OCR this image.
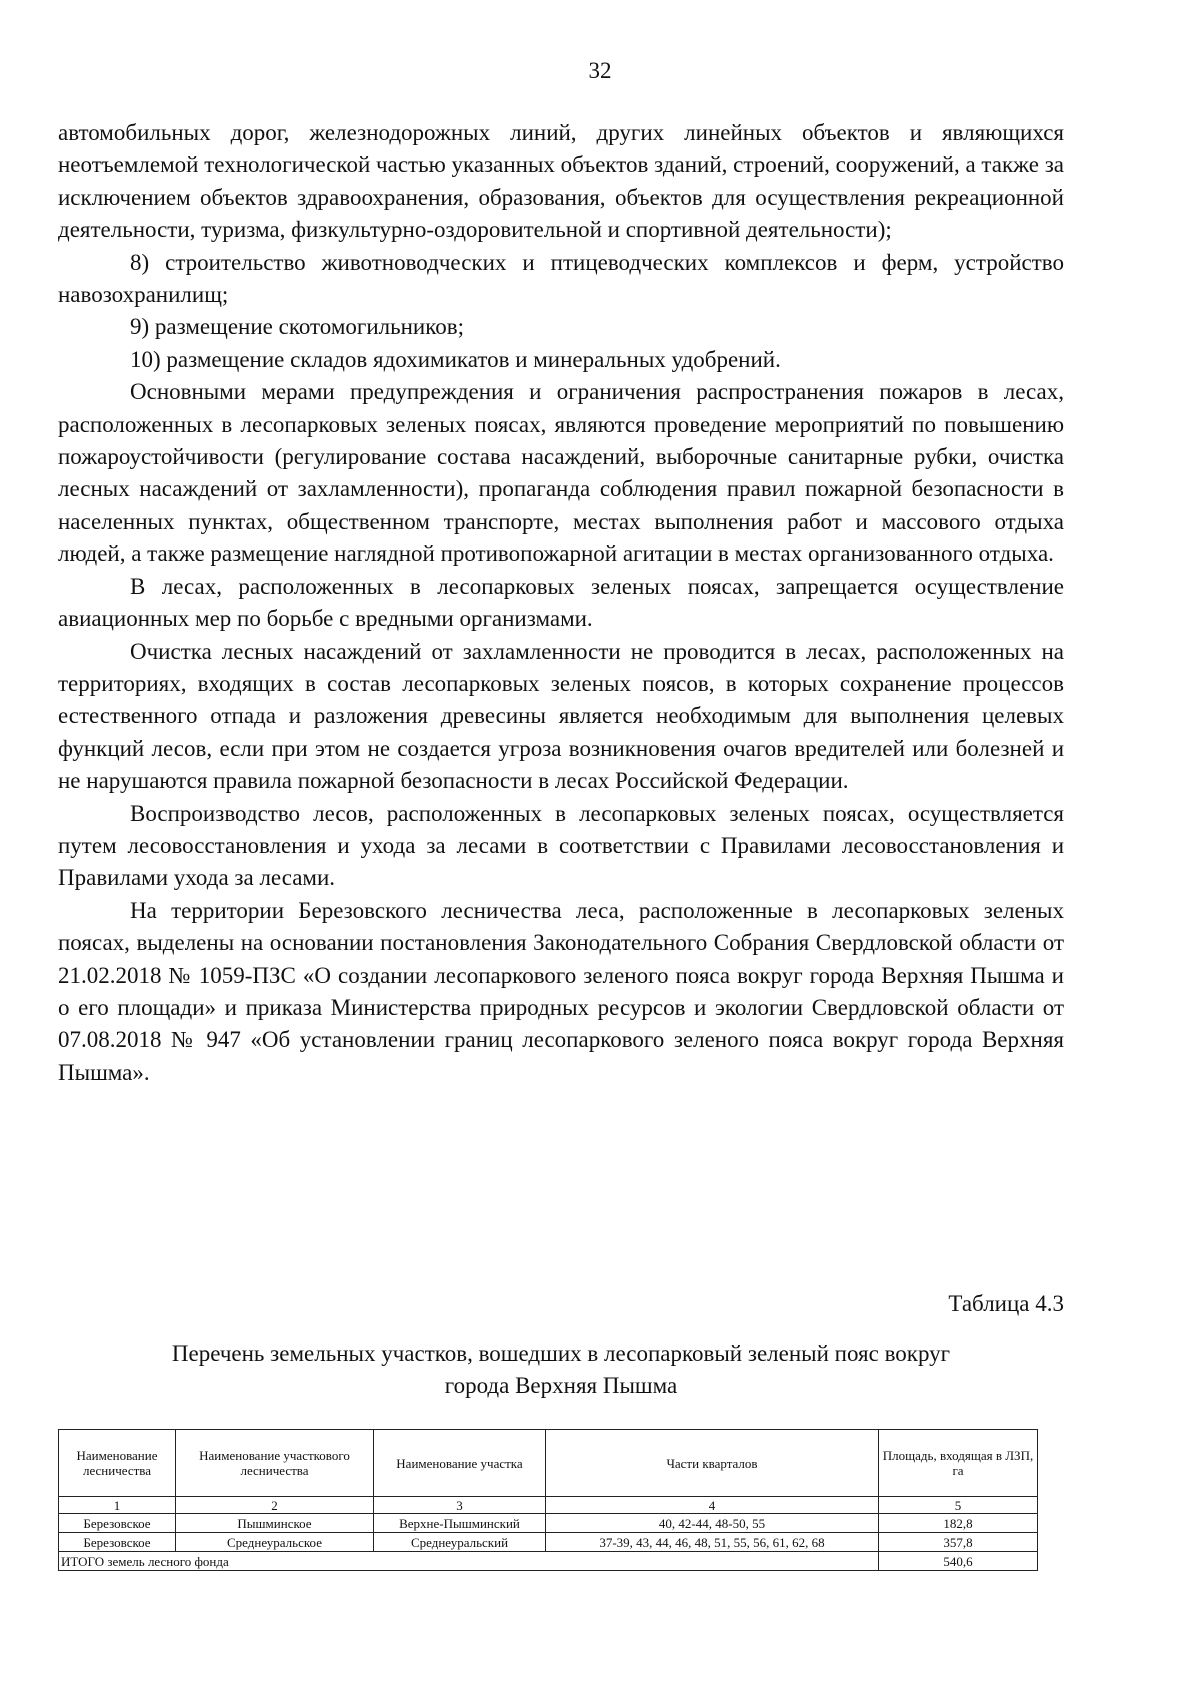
32

автомобильных дорог, железнодорожных линий, других линейных объектов и являющихся неотъемлемой технологической частью указанных объектов зданий, строений, сооружений, а также за исключением объектов здравоохранения, образования, объектов для осуществления рекреационной деятельности, туризма, физкультурно-оздоровительной и спортивной деятельности);

8) строительство животноводческих и птицеводческих комплексов и ферм, устройство навозохранилищ;

9) размещение скотомогильников;

10) размещение складов ядохимикатов и минеральных удобрений.

Основными мерами предупреждения и ограничения распространения пожаров в лесах, расположенных в лесопарковых зеленых поясах, являются проведение мероприятий по повышению пожароустойчивости (регулирование состава насаждений, выборочные санитарные рубки, очистка лесных насаждений от захламленности), пропаганда соблюдения правил пожарной безопасности в населенных пунктах, общественном транспорте, местах выполнения работ и массового отдыха людей, а также размещение наглядной противопожарной агитации в местах организованного отдыха.

В лесах, расположенных в лесопарковых зеленых поясах, запрещается осуществление авиационных мер по борьбе с вредными организмами.

Очистка лесных насаждений от захламленности не проводится в лесах, расположенных на территориях, входящих в состав лесопарковых зеленых поясов, в которых сохранение процессов естественного отпада и разложения древесины является необходимым для выполнения целевых функций лесов, если при этом не создается угроза возникновения очагов вредителей или болезней и не нарушаются правила пожарной безопасности в лесах Российской Федерации.

Воспроизводство лесов, расположенных в лесопарковых зеленых поясах, осуществляется путем лесовосстановления и ухода за лесами в соответствии с Правилами лесовосстановления и Правилами ухода за лесами.

На территории Березовского лесничества леса, расположенные в лесопарковых зеленых поясах, выделены на основании постановления Законодательного Собрания Свердловской области от 21.02.2018 № 1059-ПЗС «О создании лесопаркового зеленого пояса вокруг города Верхняя Пышма и о его площади» и приказа Министерства природных ресурсов и экологии Свердловской области от 07.08.2018 № 947 «Об установлении границ лесопаркового зеленого пояса вокруг города Верхняя Пышма».

Таблица 4.3
Перечень земельных участков, вошедших в лесопарковый зеленый пояс вокруг
города Верхняя Пышма
Наименование лесничества	Наименование участкового лесничества	Наименование участка	Части кварталов	Площадь, входящая в ЛЗП, га
1	2	3	4	5
Березовское	Пышминское	Верхне-Пышминский	40, 42-44, 48-50, 55	182,8
Березовское	Среднеуральское	Среднеуральский	37-39, 43, 44, 46, 48, 51, 55, 56, 61, 62, 68	357,8
ИТОГО земель лесного фонда				540,6
